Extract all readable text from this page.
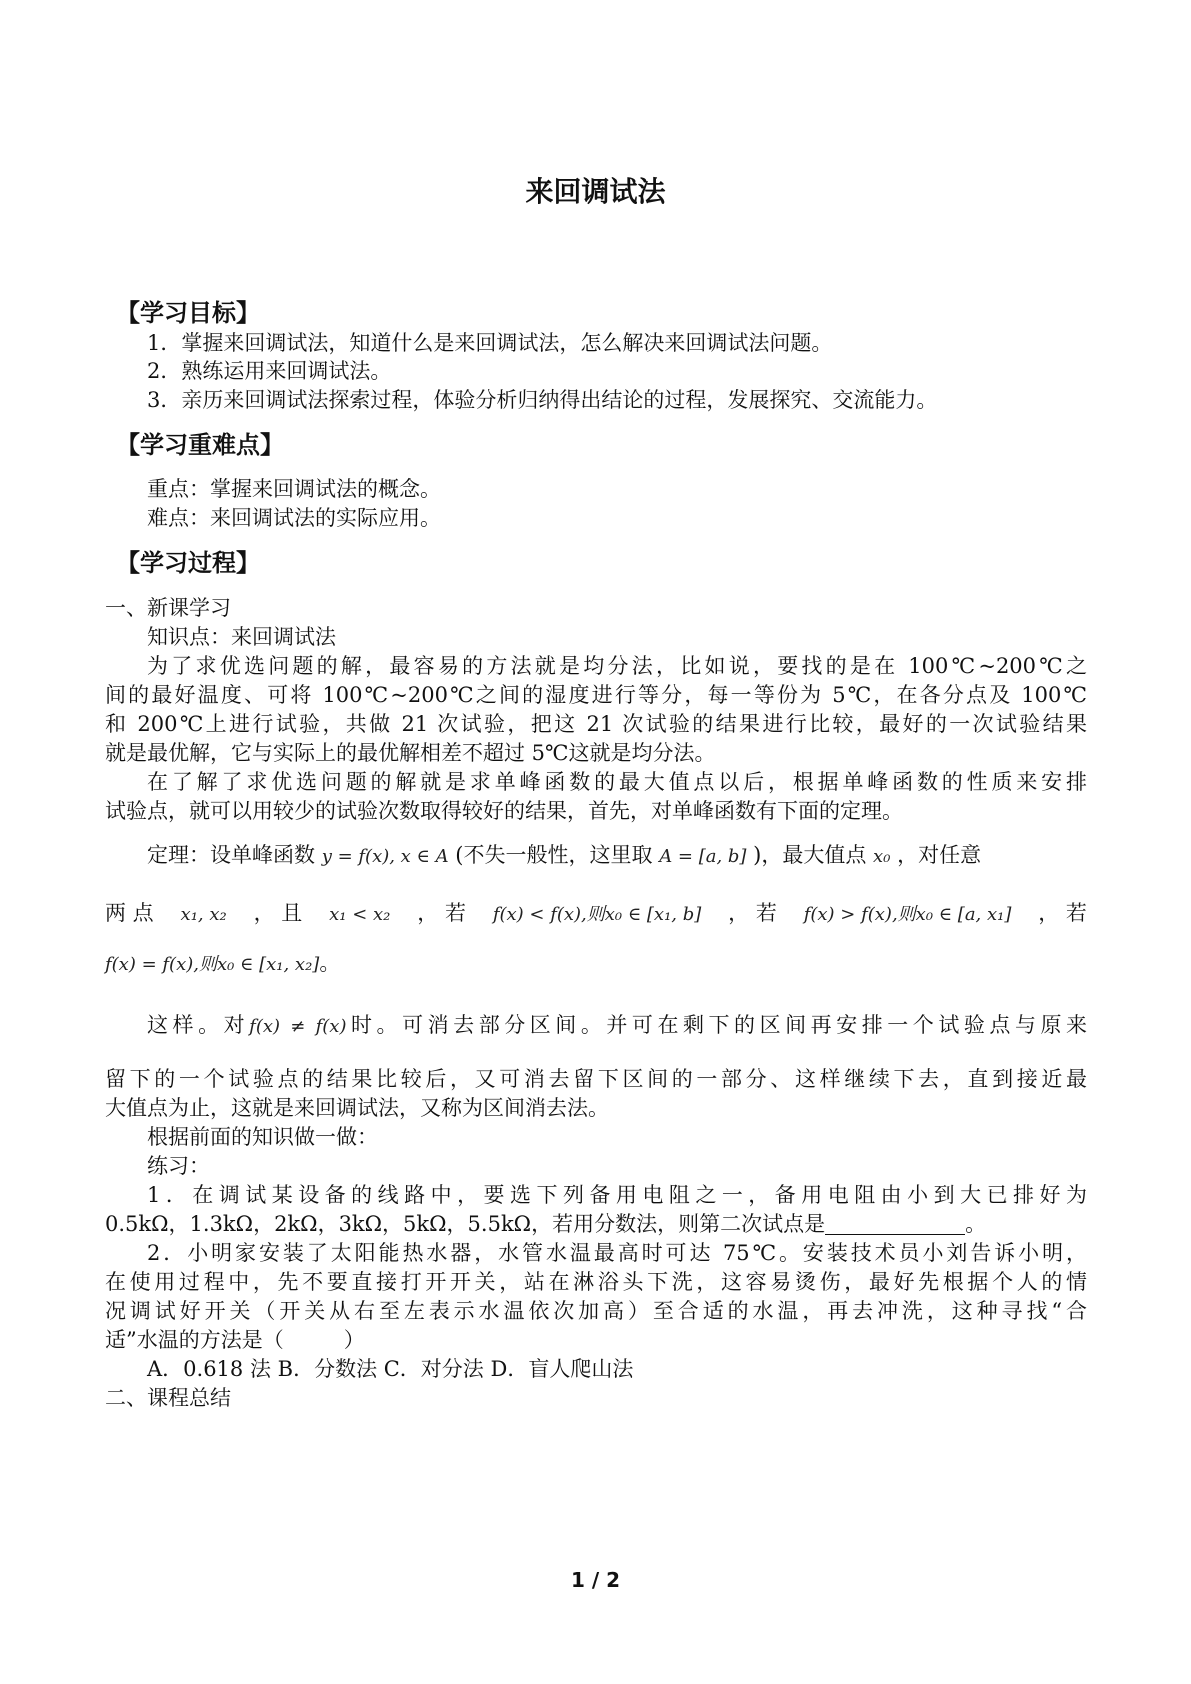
来回调试法
【学习目标】
1．掌握来回调试法，知道什么是来回调试法，怎么解决来回调试法问题。
2．熟练运用来回调试法。
3．亲历来回调试法探索过程，体验分析归纳得出结论的过程，发展探究、交流能力。
【学习重难点】
重点：掌握来回调试法的概念。
难点：来回调试法的实际应用。
【学习过程】
一、新课学习
知识点：来回调试法
为了求优选问题的解，最容易的方法就是均分法，比如说，要找的是在 100℃~200℃之
间的最好温度、可将 100℃~200℃之间的湿度进行等分，每一等份为 5℃，在各分点及 100℃
和 200℃上进行试验，共做 21 次试验，把这 21 次试验的结果进行比较，最好的一次试验结果
就是最优解，它与实际上的最优解相差不超过 5℃这就是均分法。
在了解了求优选问题的解就是求单峰函数的最大值点以后，根据单峰函数的性质来安排
试验点，就可以用较少的试验次数取得较好的结果，首先，对单峰函数有下面的定理。
定理：设单峰函数 y = f(x), x ∈ A (不失一般性，这里取 A = [a, b] )，最大值点 x₀ ，对任意
两 点 x₁, x₂ ， 且 x₁ < x₂ ， 若 f(x) < f(x),则x₀ ∈ [x₁, b] ， 若 f(x) > f(x),则x₀ ∈ [a, x₁] ， 若
f(x) = f(x),则x₀ ∈ [x₁, x₂]。
这样。对f(x) ≠ f(x)时。可消去部分区间。并可在剩下的区间再安排一个试验点与原来
留下的一个试验点的结果比较后，又可消去留下区间的一部分、这样继续下去，直到接近最
大值点为止，这就是来回调试法，又称为区间消去法。
根据前面的知识做一做：
练习：
1．在调试某设备的线路中，要选下列备用电阻之一，备用电阻由小到大已排好为
0.5kΩ，1.3kΩ，2kΩ，3kΩ，5kΩ，5.5kΩ，若用分数法，则第二次试点是	。
2．小明家安装了太阳能热水器，水管水温最高时可达 75℃。安装技术员小刘告诉小明，
在使用过程中，先不要直接打开开关，站在淋浴头下洗，这容易烫伤，最好先根据个人的情
况调试好开关（开关从右至左表示水温依次加高）至合适的水温，再去冲洗，这种寻找“合
适”水温的方法是（	）
A．0.618 法 B．分数法 C．对分法 D．盲人爬山法
二、课程总结
1 / 2
